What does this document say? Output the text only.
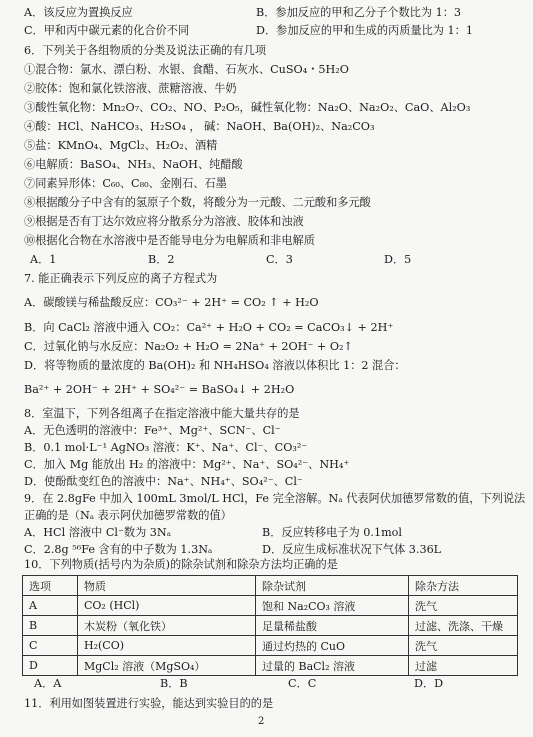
A．该反应为置换反应	B．参加反应的甲和乙分子个数比为 1：3
C．甲和丙中碳元素的化合价不同	D．参加反应的甲和生成的丙质量比为 1：1
6．下列关于各组物质的分类及说法正确的有几项
①混合物：氯水、漂白粉、水银、食醋、石灰水、CuSO₄・5H₂O
②胶体：饱和氯化铁溶液、蔗糖溶液、牛奶
③酸性氧化物：Mn₂O₇、CO₂、NO、P₂O₅，碱性氧化物：Na₂O、Na₂O₂、CaO、Al₂O₃
④酸：HCl、NaHCO₃、H₂SO₄ ， 碱：NaOH、Ba(OH)₂、Na₂CO₃
⑤盐：KMnO₄、MgCl₂、H₂O₂、酒精
⑥电解质：BaSO₄、NH₃、NaOH、纯醋酸
⑦同素异形体：C₆₀、C₈₀、金刚石、石墨
⑧根据酸分子中含有的氢原子个数，将酸分为一元酸、二元酸和多元酸
⑨根据是否有丁达尔效应将分散系分为溶液、胶体和浊液
⑩根据化合物在水溶液中是否能导电分为电解质和非电解质
A．1	B．2	C．3	D．5
7. 能正确表示下列反应的离子方程式为
A．碳酸镁与稀盐酸反应：CO₃²⁻ + 2H⁺ = CO₂ ↑ + H₂O
B．向 CaCl₂ 溶液中通入 CO₂：Ca²⁺ + H₂O + CO₂ = CaCO₃↓ + 2H⁺
C．过氧化钠与水反应：Na₂O₂ + H₂O = 2Na⁺ + 2OH⁻ + O₂↑
D．将等物质的量浓度的 Ba(OH)₂ 和 NH₄HSO₄ 溶液以体积比 1：2 混合：
Ba²⁺ + 2OH⁻ + 2H⁺ + SO₄²⁻ = BaSO₄↓ + 2H₂O
8．室温下，下列各组离子在指定溶液中能大量共存的是
A．无色透明的溶液中：Fe³⁺、Mg²⁺、SCN⁻、Cl⁻
B．0.1 mol·L⁻¹ AgNO₃ 溶液：K⁺、Na⁺、Cl⁻、CO₃²⁻
C．加入 Mg 能放出 H₂ 的溶液中：Mg²⁺、Na⁺、SO₄²⁻、NH₄⁺
D．使酚酞变红色的溶液中：Na⁺、NH₄⁺、SO₄²⁻、Cl⁻
9．在 2.8gFe 中加入 100mL 3mol/L HCl，Fe 完全溶解。Nₐ 代表阿伏加德罗常数的值，下列说法
正确的是（Nₐ 表示阿伏加德罗常数的值）
A．HCl 溶液中 Cl⁻数为 3Nₐ	B．反应转移电子为 0.1mol
C．2.8g ⁵⁶Fe 含有的中子数为 1.3Nₐ	D．反应生成标准状况下气体 3.36L
10．下列物质(括号内为杂质)的除杂试剂和除杂方法均正确的是
选项	物质	除杂试剂	除杂方法
A	CO₂ (HCl)	饱和 Na₂CO₃ 溶液	洗气
B	木炭粉（氧化铁）	足量稀盐酸	过滤、洗涤、干燥
C	H₂(CO)	通过灼热的 CuO	洗气
D	MgCl₂ 溶液（MgSO₄）	过量的 BaCl₂ 溶液	过滤
A．A	B．B	C．C	D．D
11．利用如图装置进行实验，能达到实验目的的是
2
